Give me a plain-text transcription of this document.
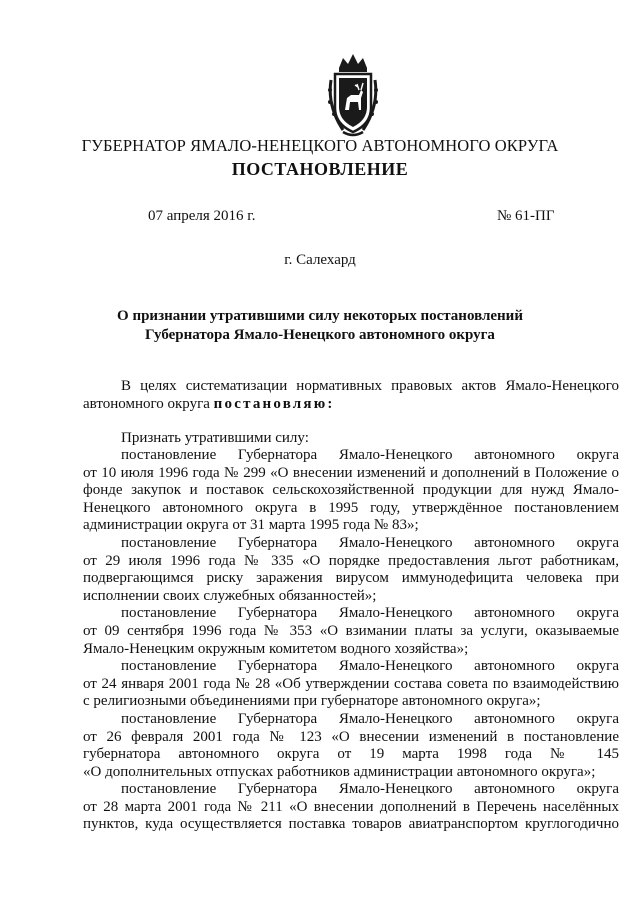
ГУБЕРНАТОР ЯМАЛО-НЕНЕЦКОГО АВТОНОМНОГО ОКРУГА
ПОСТАНОВЛЕНИЕ
07 апреля 2016 г.	№ 61-ПГ
г. Салехард
О признании утратившими силу некоторых постановлений
Губернатора Ямало-Ненецкого автономного округа
В целях систематизации нормативных правовых актов Ямало-Ненецкого
автономного округа постановляю:
Признать утратившими силу:
постановление Губернатора Ямало-Ненецкого автономного округа
от 10 июля 1996 года № 299 «О внесении изменений и дополнений в Положение о
фонде закупок и поставок сельскохозяйственной продукции для нужд Ямало-
Ненецкого автономного округа в 1995 году, утверждённое постановлением
администрации округа от 31 марта 1995 года № 83»;
постановление Губернатора Ямало-Ненецкого автономного округа
от 29 июля 1996 года № 335 «О порядке предоставления льгот работникам,
подвергающимся риску заражения вирусом иммунодефицита человека при
исполнении своих служебных обязанностей»;
постановление Губернатора Ямало-Ненецкого автономного округа
от 09 сентября 1996 года № 353 «О взимании платы за услуги, оказываемые
Ямало-Ненецким окружным комитетом водного хозяйства»;
постановление Губернатора Ямало-Ненецкого автономного округа
от 24 января 2001 года № 28 «Об утверждении состава совета по взаимодействию
с религиозными объединениями при губернаторе автономного округа»;
постановление Губернатора Ямало-Ненецкого автономного округа
от 26 февраля 2001 года № 123 «О внесении изменений в постановление
губернатора автономного округа от 19 марта 1998 года № 145
«О дополнительных отпусках работников администрации автономного округа»;
постановление Губернатора Ямало-Ненецкого автономного округа
от 28 марта 2001 года № 211 «О внесении дополнений в Перечень населённых
пунктов, куда осуществляется поставка товаров авиатранспортом круглогодично
